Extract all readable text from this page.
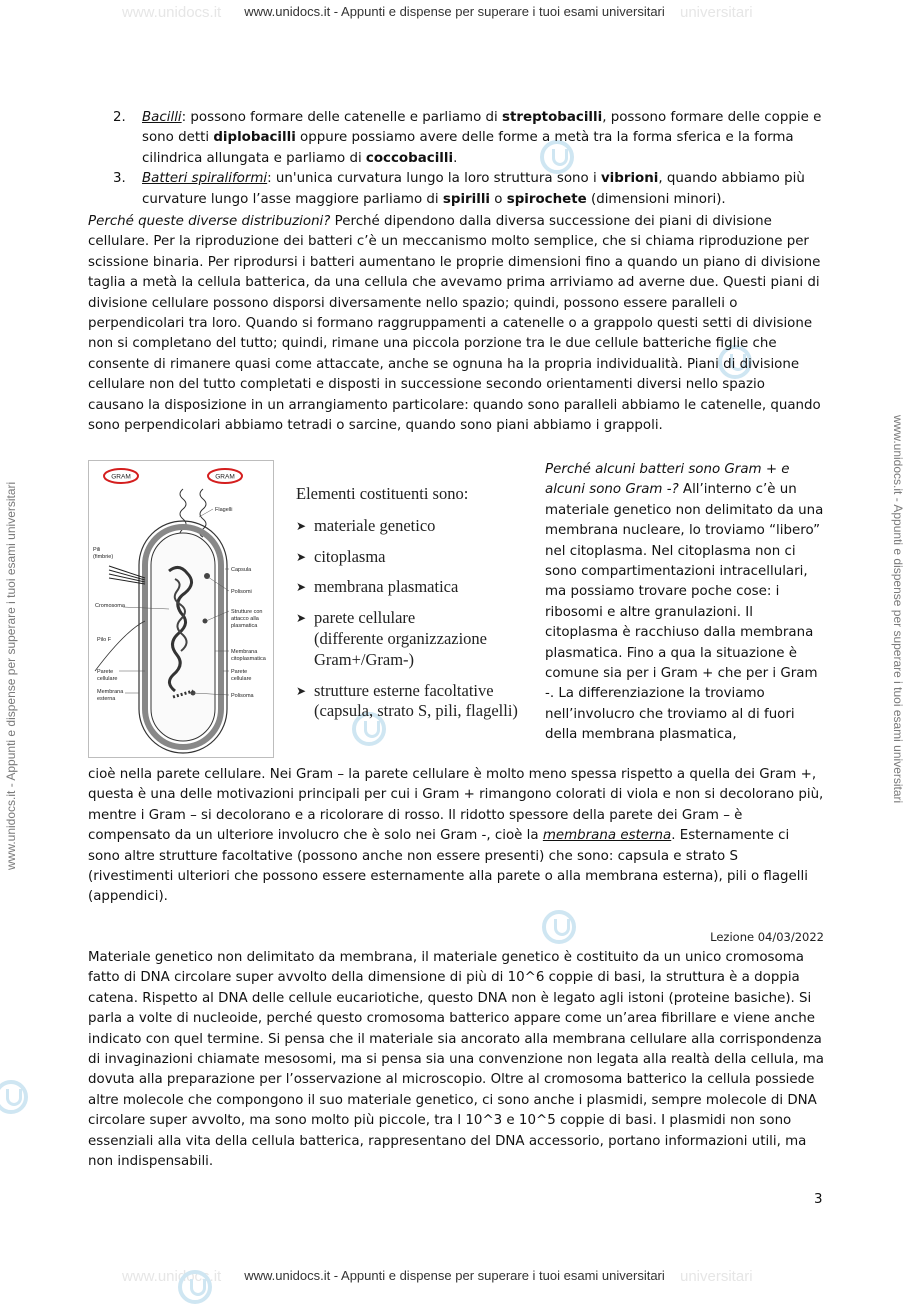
www.unidocs.it	universitari
www.unidocs.it - Appunti e dispense per superare i tuoi esami universitari
www.unidocs.it	universitari
www.unidocs.it - Appunti e dispense per superare i tuoi esami universitari
www.unidocs.it - Appunti e dispense per superare i tuoi esami universitari	www.unidocs.it - Appunti e dispense per superare i tuoi esami universitari

2. Bacilli: possono formare delle catenelle e parliamo di streptobacilli, possono formare delle coppie e sono detti diplobacilli oppure possiamo avere delle forme a metà tra la forma sferica e la forma cilindrica allungata e parliamo di coccobacilli.

3. Batteri spiraliformi: un'unica curvatura lungo la loro struttura sono i vibrioni, quando abbiamo più curvature lungo l’asse maggiore parliamo di spirilli o spirochete (dimensioni minori).

Perché queste diverse distribuzioni? Perché dipendono dalla diversa successione dei piani di divisione cellulare. Per la riproduzione dei batteri c’è un meccanismo molto semplice, che si chiama riproduzione per scissione binaria. Per riprodursi i batteri aumentano le proprie dimensioni fino a quando un piano di divisione taglia a metà la cellula batterica, da una cellula che avevamo prima arriviamo ad averne due. Questi piani di divisione cellulare possono disporsi diversamente nello spazio; quindi, possono essere paralleli o perpendicolari tra loro. Quando si formano raggruppamenti a catenelle o a grappolo questi setti di divisione non si completano del tutto; quindi, rimane una piccola porzione tra le due cellule batteriche figlie che consente di rimanere quasi come attaccate, anche se ognuna ha la propria individualità. Piani di divisione cellulare non del tutto completati e disposti in successione secondo orientamenti diversi nello spazio causano la disposizione in un arrangiamento particolare: quando sono paralleli abbiamo le catenelle, quando sono perpendicolari abbiamo tetradi o sarcine, quando sono piani abbiamo i grappoli.

GRAM	GRAM
Flagelli
Pili
(fimbrie)
Capsula
Polisomi
Cromosoma
Strutture con
attacco alla
plasmatica
Pilo F
Membrana
citoplasmatica
Parete
cellulare
Parete
cellulare
Membrana
esterna	Polisoma
Elementi costituenti sono:
➤ materiale genetico
➤ citoplasma
➤ membrana plasmatica
➤ parete cellulare
(differente organizzazione
Gram+/Gram-)
➤ strutture esterne facoltative
(capsula, strato S, pili, flagelli)
Perché alcuni batteri sono Gram + e alcuni sono Gram -? All’interno c’è un materiale genetico non delimitato da una membrana nucleare, lo troviamo “libero” nel citoplasma. Nel citoplasma non ci sono compartimentazioni intracellulari, ma possiamo trovare poche cose: i ribosomi e altre granulazioni. Il citoplasma è racchiuso dalla membrana plasmatica. Fino a qua la situazione è comune sia per i Gram + che per i Gram -. La differenziazione la troviamo nell’involucro che troviamo al di fuori della membrana plasmatica,

cioè nella parete cellulare. Nei Gram – la parete cellulare è molto meno spessa rispetto a quella dei Gram +, questa è una delle motivazioni principali per cui i Gram + rimangono colorati di viola e non si decolorano più, mentre i Gram – si decolorano e a ricolorare di rosso. Il ridotto spessore della parete dei Gram – è compensato da un ulteriore involucro che è solo nei Gram -, cioè la membrana esterna. Esternamente ci sono altre strutture facoltative (possono anche non essere presenti) che sono: capsula e strato S (rivestimenti ulteriori che possono essere esternamente alla parete o alla membrana esterna), pili o flagelli (appendici).

Lezione 04/03/2022

Materiale genetico non delimitato da membrana, il materiale genetico è costituito da un unico cromosoma fatto di DNA circolare super avvolto della dimensione di più di 10^6 coppie di basi, la struttura è a doppia catena. Rispetto al DNA delle cellule eucariotiche, questo DNA non è legato agli istoni (proteine basiche). Si parla a volte di nucleoide, perché questo cromosoma batterico appare come un’area fibrillare e viene anche indicato con quel termine. Si pensa che il materiale sia ancorato alla membrana cellulare alla corrispondenza di invaginazioni chiamate mesosomi, ma si pensa sia una convenzione non legata alla realtà della cellula, ma dovuta alla preparazione per l’osservazione al microscopio. Oltre al cromosoma batterico la cellula possiede altre molecole che compongono il suo materiale genetico, ci sono anche i plasmidi, sempre molecole di DNA circolare super avvolto, ma sono molto più piccole, tra l 10^3 e 10^5 coppie di basi. I plasmidi non sono essenziali alla vita della cellula batterica, rappresentano del DNA accessorio, portano informazioni utili, ma non indispensabili.

3
